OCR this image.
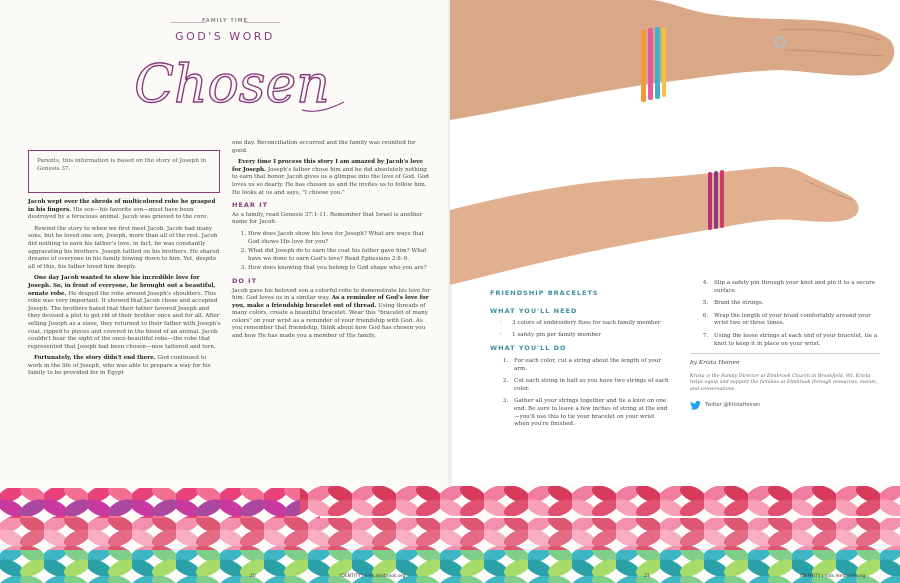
FAMILY TIME
GOD'S WORD
Chosen
Parents, this information is based on the story of Joseph in Genesis 37.

Jacob wept over the shreds of multicolored robe he grasped in his fingers. His son—his favorite son—must have been destroyed by a ferocious animal. Jacob was grieved to the core.

Rewind the story to when we first meet Jacob. Jacob had many sons, but he loved one son, Joseph, more than all of the rest. Jacob did nothing to earn his father's love, in fact, he was constantly aggravating his brothers. Joseph tattled on his brothers. He shared dreams of everyone in his family bowing down to him. Yet, despite all of this, his father loved him deeply.

One day Jacob wanted to show his incredible love for Joseph. So, in front of everyone, he brought out a beautiful, ornate robe. He draped the robe around Joseph's shoulders. This robe was very important. It showed that Jacob chose and accepted Joseph. The brothers hated that their father favored Joseph and they devised a plot to get rid of their brother once and for all. After selling Joseph as a slave, they returned to their father with Joseph's coat, ripped to pieces and covered in the blood of an animal. Jacob couldn't bear the sight of the once-beautiful robe—the robe that represented that Joseph had been chosen—now tattered and torn.

Fortunately, the story didn't end there. God continued to work in the life of Joseph, who was able to prepare a way for his family to be provided for in Egypt

one day. Reconciliation occurred and the family was reunited for good.

Every time I process this story I am amazed by Jacob's love for Joseph. Joseph's father chose him and he did absolutely nothing to earn that honor. Jacob gives us a glimpse into the love of God. God loves us so dearly. He has chosen us and He invites us to follow him. He looks at us and says, "I choose you."

HEAR IT

As a family, read Genesis 37:1-11. Remember that Israel is another name for Jacob.

1. How does Jacob show his love for Joseph? What are ways that God shows His love for you?
2. What did Joseph do to earn the coat his father gave him? What have we done to earn God's love? Read Ephesians 2:8–9.
3. How does knowing that you belong to God shape who you are?
DO IT

Jacob gave his beloved son a colorful robe to demonstrate his love for him. God loves us in a similar way. As a reminder of God's love for you, make a friendship bracelet out of thread. Using threads of many colors, create a beautiful bracelet. Wear this "bracelet of many colors" on your wrist as a reminder of your friendship with God. As you remember that friendship, think about how God has chosen you and how He has made you a member of His family.

FRIENDSHIP BRACELETS
WHAT YOU'LL NEED
· 3 colors of embroidery floss for each family member
· 1 safety pin per family member
WHAT YOU'LL DO
1. For each color, cut a string about the length of your arm.
2. Cut each string in half so you have two strings of each color.
3. Gather all your strings together and tie a knot on one end. Be sure to leave a few inches of string at the end—you'll use this to tie your bracelet on your wrist when you're finished.
4. Slip a safety pin through your knot and pin it to a secure surface.
5. Braid the strings.
6. Wrap the length of your braid comfortably around your wrist two or three times.
7. Using the loose strings at each end of your bracelet, tie a knot to keep it in place on your wrist.
by Krista Heinen
Krista is the Family Director at Elmbrook Church in Brookfield, WI. Krista helps equip and support the families at Elmbrook through resources, events, and conversations.
Twitter @KristaHeinen
20	IDENTITY | kids.elmbrook.org	21	IDENTITY | kids.elmbrook.org
